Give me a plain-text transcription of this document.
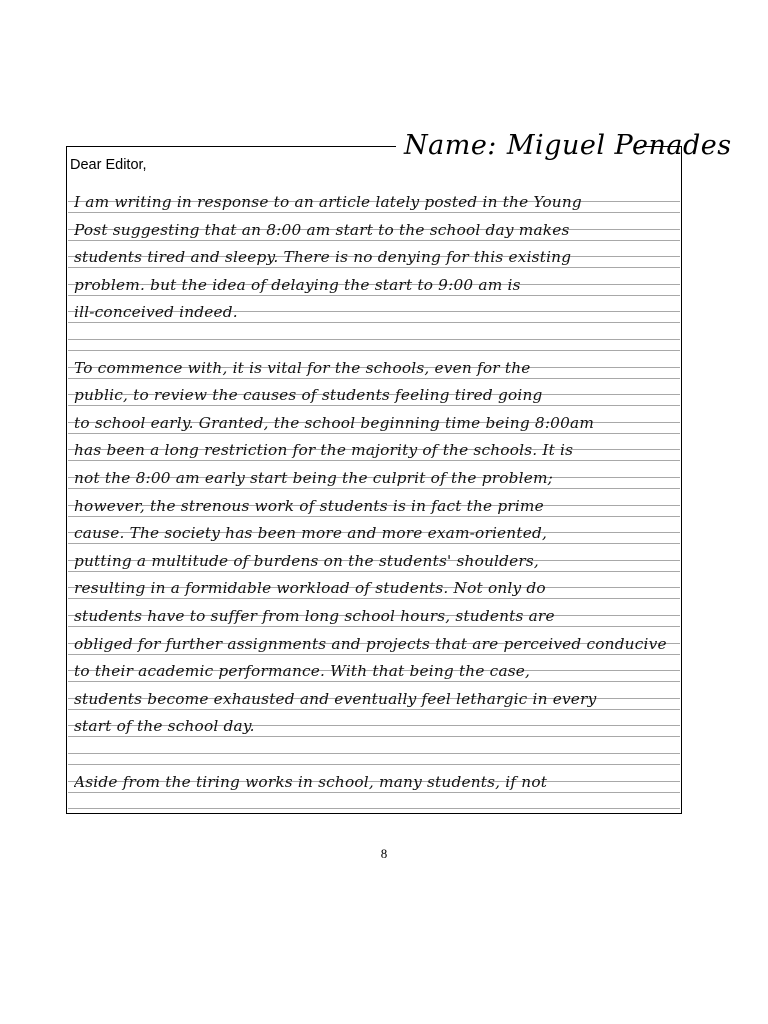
Name: Miguel Penades
Dear Editor,
I am writing in response to an article lately posted in the Young
Post suggesting that an 8:00 am start to the school day makes
students tired and sleepy. There is no denying for this existing
problem. but the idea of delaying the start to 9:00 am is
ill-conceived indeed.
To commence with, it is vital for the schools, even for the
public, to review the causes of students feeling tired going
to school early. Granted, the school beginning time being 8:00am
has been a long restriction for the majority of the schools. It is
not the 8:00 am early start being the culprit of the problem;
however, the strenous work of students is in fact the prime
cause. The society has been more and more exam-oriented,
putting a multitude of burdens on the students' shoulders,
resulting in a formidable workload of students. Not only do
students have to suffer from long school hours, students are
obliged for further assignments and projects that are perceived conducive
to their academic performance. With that being the case,
students become exhausted and eventually feel lethargic in every
start of the school day.
Aside from the tiring works in school, many students, if not
8
